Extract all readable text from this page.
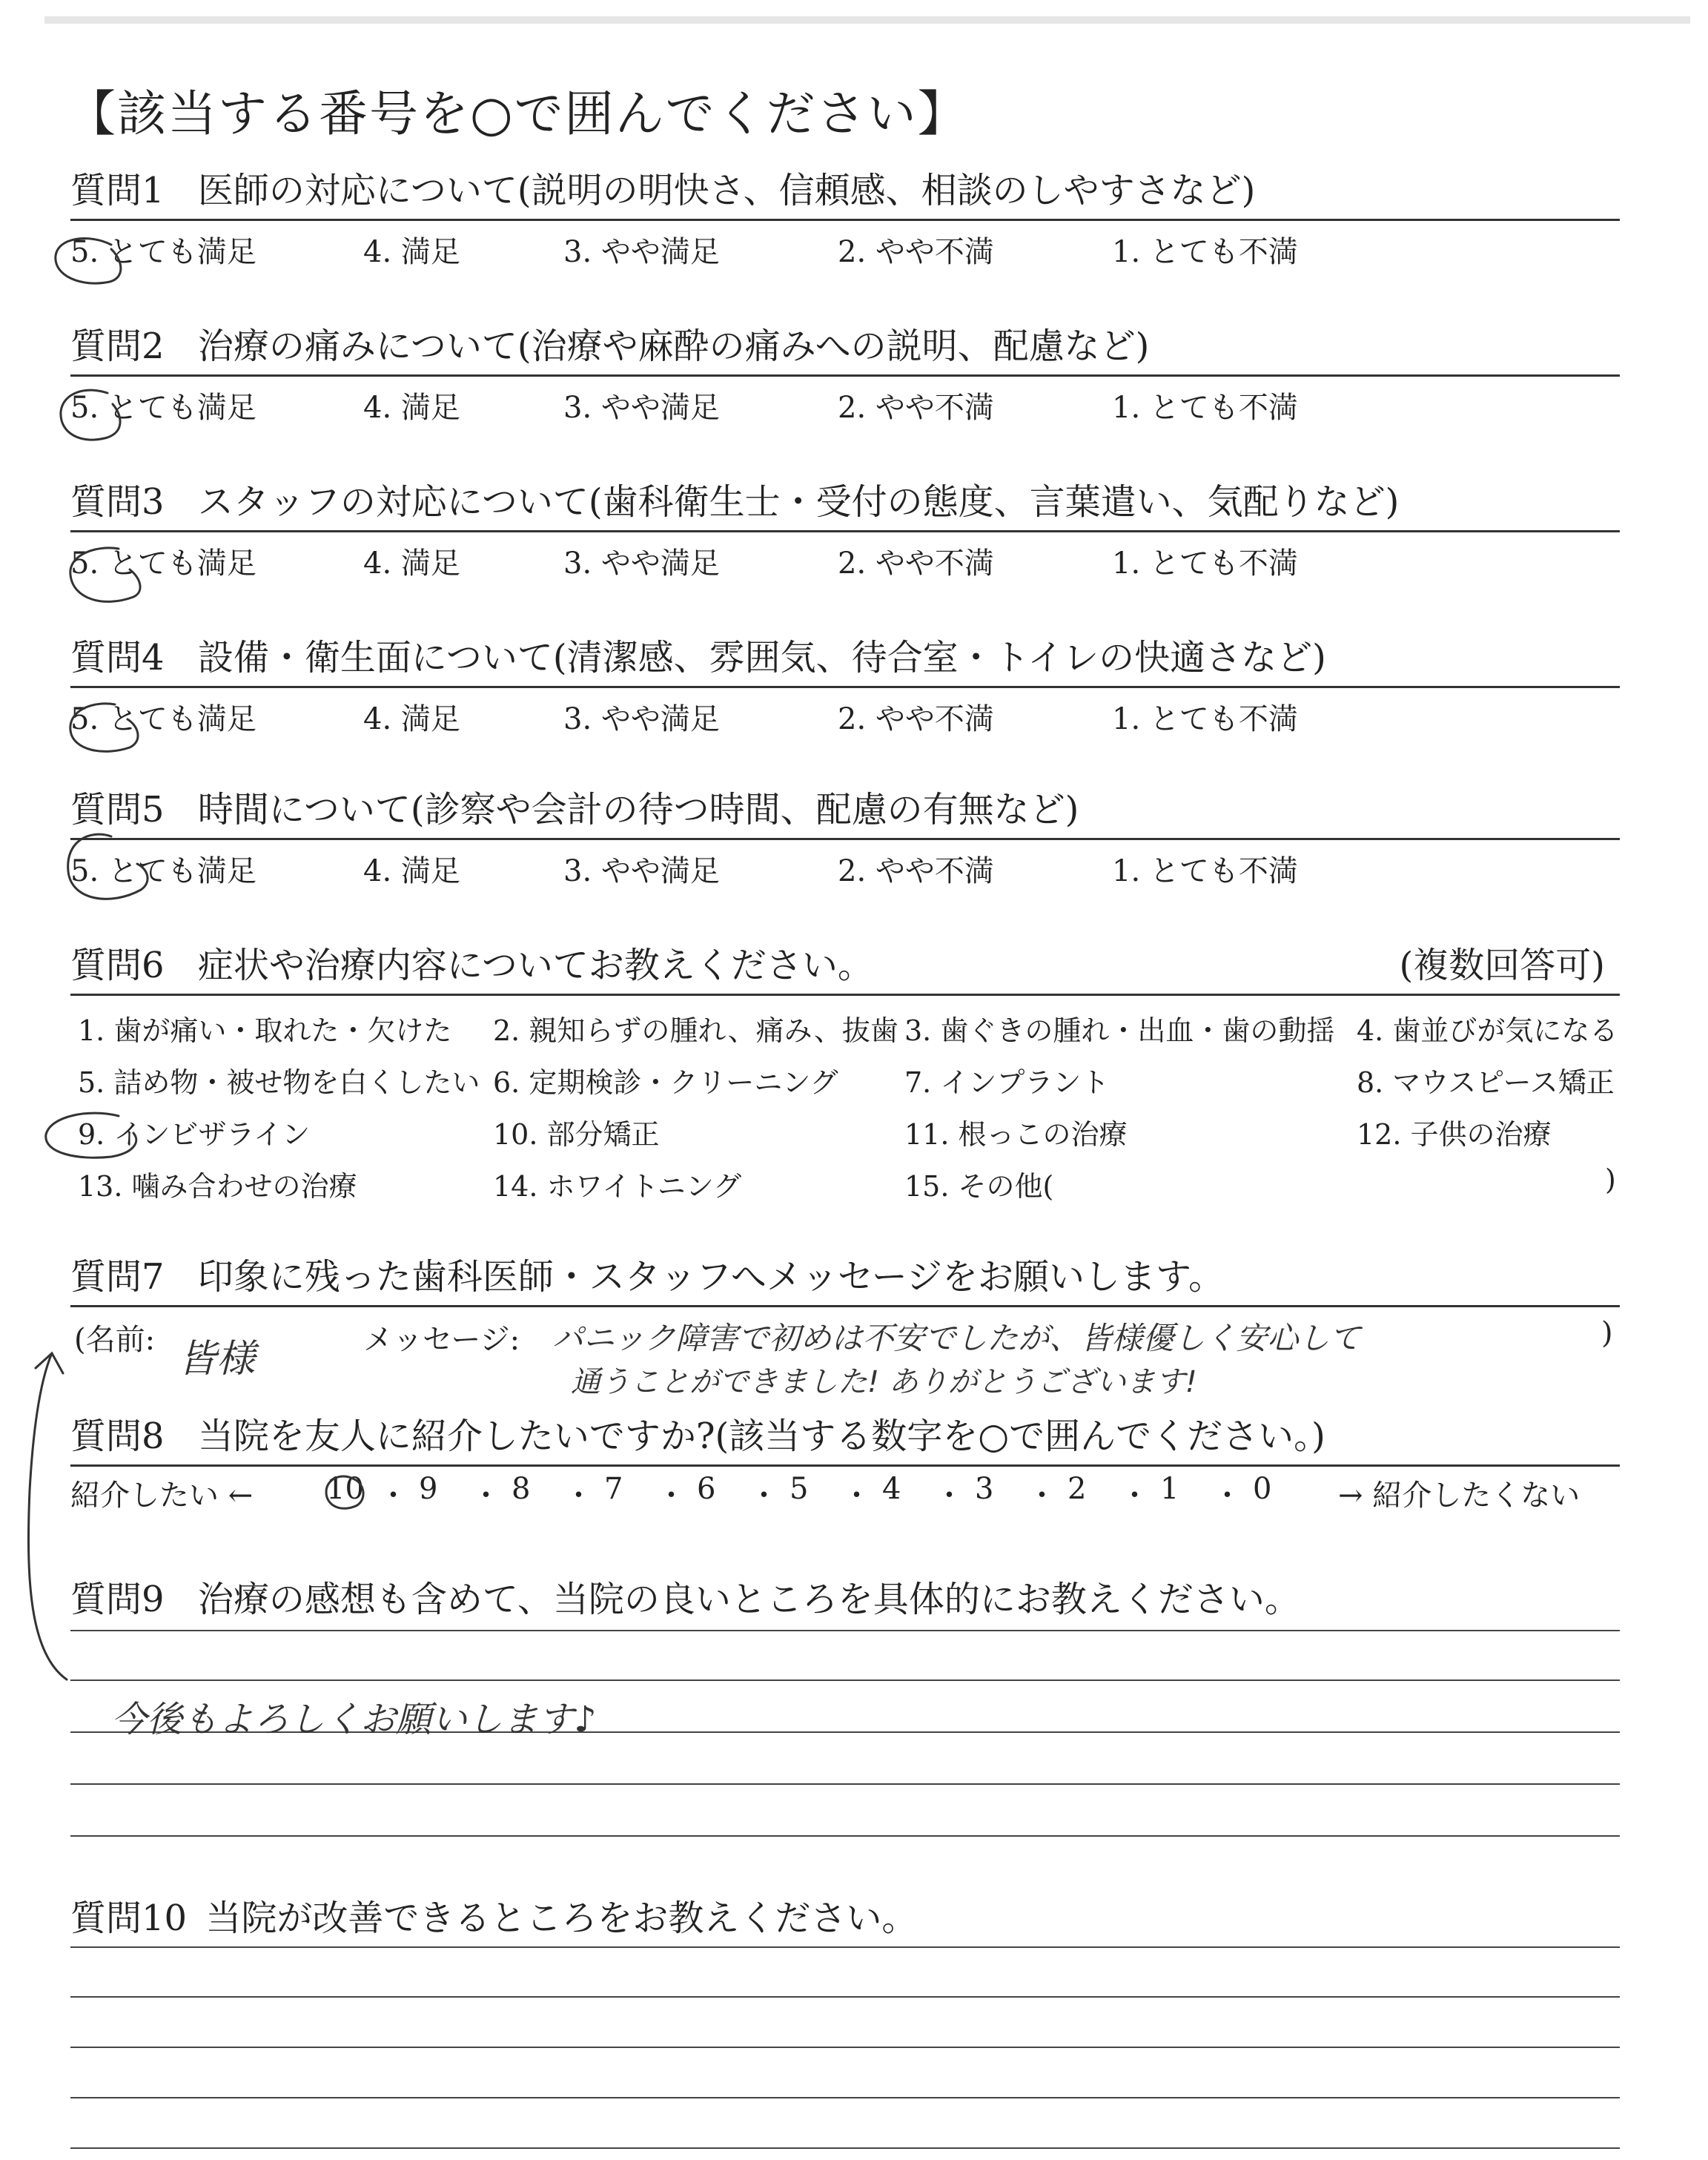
【該当する番号を○で囲んでください】
質問1 医師の対応について(説明の明快さ、信頼感、相談のしやすさなど)
5. とても満足	4. 満足	3. やや満足	2. やや不満	1. とても不満
質問2 治療の痛みについて(治療や麻酔の痛みへの説明、配慮など)
5. とても満足	4. 満足	3. やや満足	2. やや不満	1. とても不満
質問3 スタッフの対応について(歯科衛生士・受付の態度、言葉遣い、気配りなど)
5. とても満足	4. 満足	3. やや満足	2. やや不満	1. とても不満
質問4 設備・衛生面について(清潔感、雰囲気、待合室・トイレの快適さなど)
5. とても満足	4. 満足	3. やや満足	2. やや不満	1. とても不満
質問5 時間について(診察や会計の待つ時間、配慮の有無など)
5. とても満足	4. 満足	3. やや満足	2. やや不満	1. とても不満
質問6 症状や治療内容についてお教えください。	(複数回答可)
1. 歯が痛い・取れた・欠けた 2. 親知らずの腫れ、痛み、抜歯 3. 歯ぐきの腫れ・出血・歯の動揺 4. 歯並びが気になる
5. 詰め物・被せ物を白くしたい 6. 定期検診・クリーニング 7. インプラント	8. マウスピース矯正
9. インビザライン	10. 部分矯正	11. 根っこの治療	12. 子供の治療
13. 噛み合わせの治療	14. ホワイトニング	15. その他(	)
質問7 印象に残った歯科医師・スタッフへメッセージをお願いします。
(名前: 皆様	メッセージ: パニック障害で初めは不安でしたが、皆様優しく安心して
通うことができました! ありがとうございます!
)
質問8 当院を友人に紹介したいですか?(該当する数字を○で囲んでください。)
紹介したい ←	→ 紹介したくない
10 ・ 9 ・ 8 ・ 7 ・ 6 ・ 5 ・ 4 ・ 3 ・ 2 ・ 1 ・ 0
質問9 治療の感想も含めて、当院の良いところを具体的にお教えください。
今後もよろしくお願いします♪
質問10 当院が改善できるところをお教えください。
